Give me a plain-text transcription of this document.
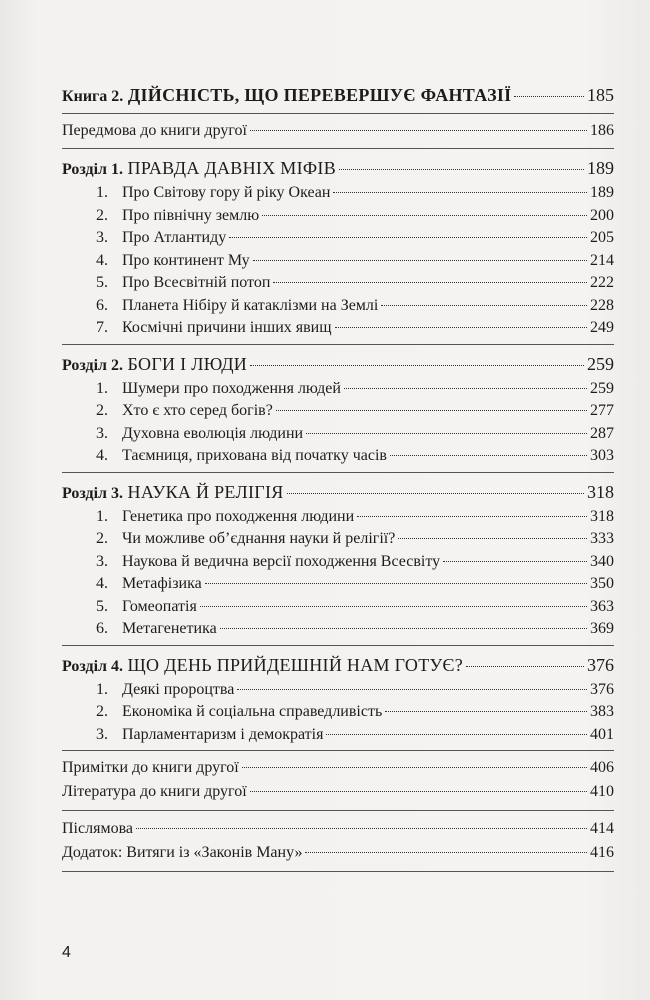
Книга 2. ДІЙСНІСТЬ, ЩО ПЕРЕВЕРШУЄ ФАНТАЗІЇ	185
Передмова до книги другої	186
Розділ 1. ПРАВДА ДАВНІХ МІФІВ	189
1. Про Світову гору й ріку Океан	189
2. Про північну землю	200
3. Про Атлантиду	205
4. Про континент Му	214
5. Про Всесвітній потоп	222
6. Планета Нібіру й катаклізми на Землі	228
7. Космічні причини інших явищ	249
Розділ 2. БОГИ І ЛЮДИ	259
1. Шумери про походження людей	259
2. Хто є хто серед богів?	277
3. Духовна еволюція людини	287
4. Таємниця, прихована від початку часів	303
Розділ 3. НАУКА Й РЕЛІГІЯ	318
1. Генетика про походження людини	318
2. Чи можливе об’єднання науки й релігії?	333
3. Наукова й ведична версії походження Всесвіту	340
4. Метафізика	350
5. Гомеопатія	363
6. Метагенетика	369
Розділ 4. ЩО ДЕНЬ ПРИЙДЕШНІЙ НАМ ГОТУЄ?	376
1. Деякі пророцтва	376
2. Економіка й соціальна справедливість	383
3. Парламентаризм і демократія	401
Примітки до книги другої	406
Література до книги другої	410
Післямова	414
Додаток: Витяги із «Законів Ману»	416
4
